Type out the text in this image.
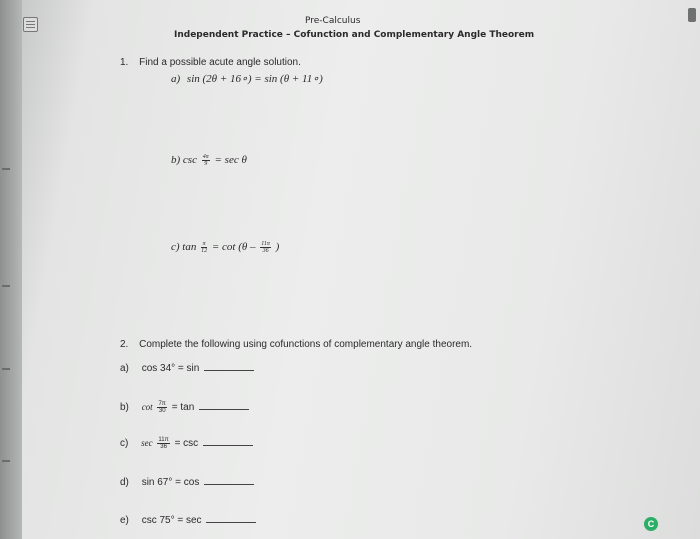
Pre-Calculus
Independent Practice – Cofunction and Complementary Angle Theorem
1. Find a possible acute angle solution.
a) sin (2θ + 16∘) = sin (θ + 11∘)
b) $\csc \frac{4\pi}{9} = \sec \theta$
c) $\tan \frac{\pi}{12} = \cot (\theta - \frac{11\pi}{36}$ )
2. Complete the following using cofunctions of complementary angle theorem.
a) cos 34° = sin
b) $\cot \frac{7\pi}{30} = \tan$
c) $\sec \frac{11\pi}{36} = \csc$
d) sin 67° = cos
e) csc 75° = sec	C
